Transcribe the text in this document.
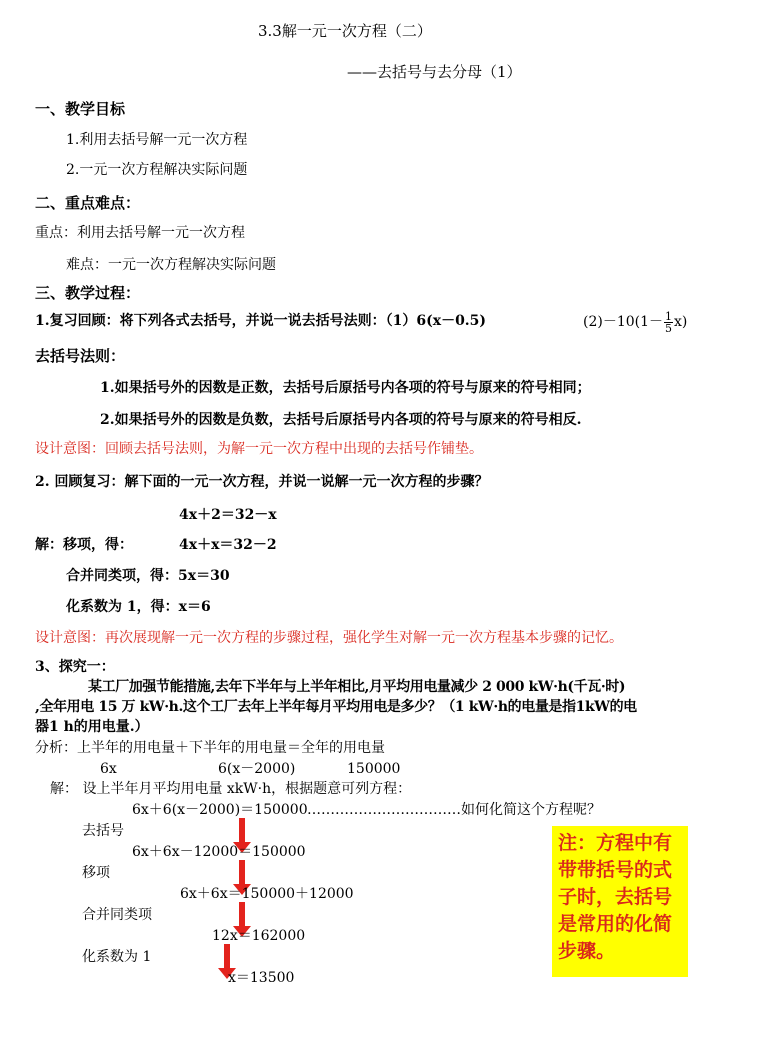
3.3解一元一次方程（二）
——去括号与去分母（1）
一、教学目标
1.利用去括号解一元一次方程
2.一元一次方程解决实际问题
二、重点难点：
重点：利用去括号解一元一次方程
难点：一元一次方程解决实际问题
三、教学过程：
1.复习回顾：将下列各式去括号，并说一说去括号法则：（1）6(x－0.5)	$(2)-10(1- \frac{1}{5} x)$
去括号法则：
1.如果括号外的因数是正数，去括号后原括号内各项的符号与原来的符号相同；
2.如果括号外的因数是负数，去括号后原括号内各项的符号与原来的符号相反.
设计意图：回顾去括号法则，为解一元一次方程中出现的去括号作铺垫。
2. 回顾复习：解下面的一元一次方程，并说一说解一元一次方程的步骤？
4x＋2＝32－x
解：移项，得：	4x＋x＝32－2
合并同类项，得：5x＝30
化系数为 1，得：x＝6
设计意图：再次展现解一元一次方程的步骤过程，强化学生对解一元一次方程基本步骤的记忆。
3、探究一：
某工厂加强节能措施,去年下半年与上半年相比,月平均用电量减少 2 000 kW·h(千瓦·时)
,全年用电 15 万 kW·h.这个工厂去年上半年每月平均用电是多少？（1 kW·h的电量是指1kW的电
器1 h的用电量.）
分析：上半年的用电量＋下半年的用电量＝全年的用电量
6x	6(x－2000)	150000
解： 设上半年月平均用电量 xkW·h，根据题意可列方程：
6x＋6(x－2000)＝150000 ……………………………如何化简这个方程呢？
去括号
6x＋6x－12000＝150000
移项
6x＋6x＝150000＋12000
合并同类项
12x＝162000
化系数为 1
x＝13500
注：方程中有带带括号的式子时，去括号是常用的化简步骤。
